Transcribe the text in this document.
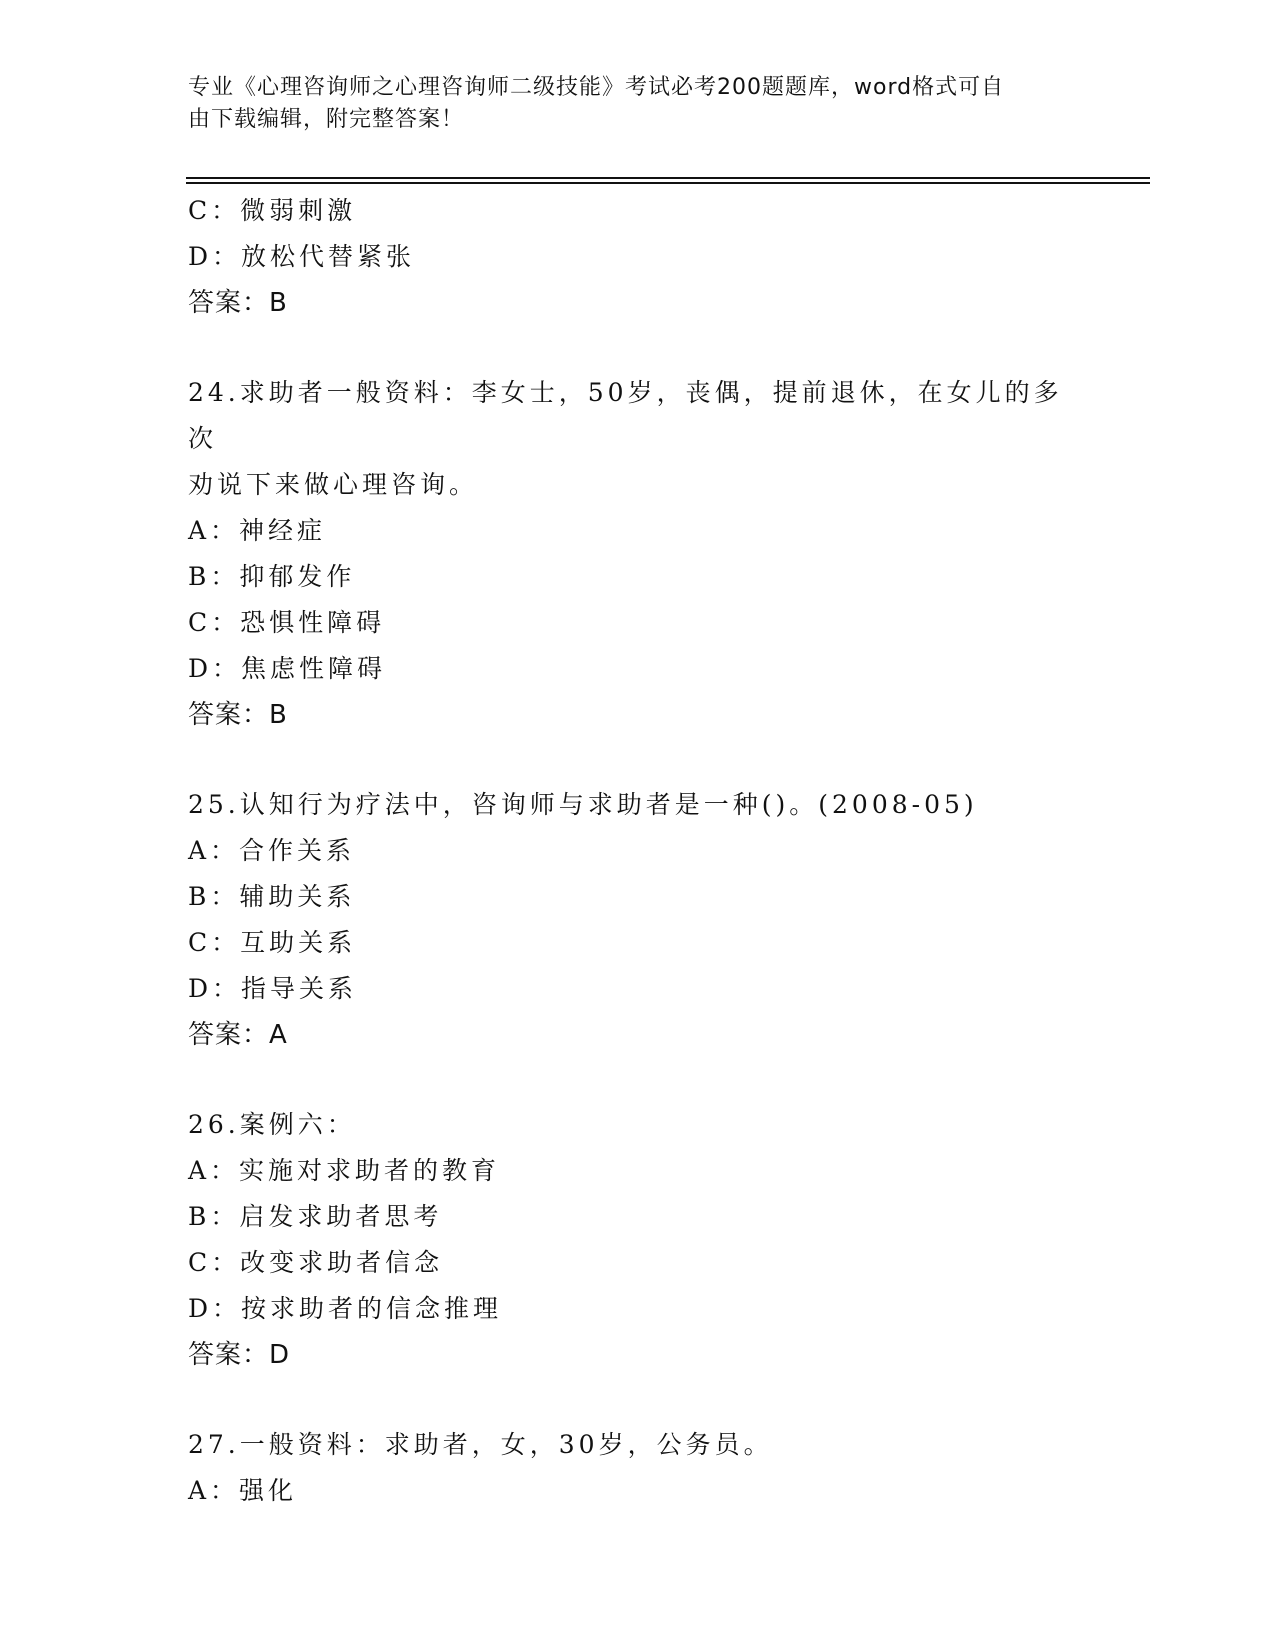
专业《心理咨询师之心理咨询师二级技能》考试必考200题题库，word格式可自
由下载编辑，附完整答案！
C：微弱刺激
D：放松代替紧张
答案：B
24.求助者一般资料：李女士，50岁，丧偶，提前退休，在女儿的多次
劝说下来做心理咨询。
A：神经症
B：抑郁发作
C：恐惧性障碍
D：焦虑性障碍
答案：B
25.认知行为疗法中，咨询师与求助者是一种()。(2008-05)
A：合作关系
B：辅助关系
C：互助关系
D：指导关系
答案：A
26.案例六：
A：实施对求助者的教育
B：启发求助者思考
C：改变求助者信念
D：按求助者的信念推理
答案：D
27.一般资料：求助者，女，30岁，公务员。
A：强化
